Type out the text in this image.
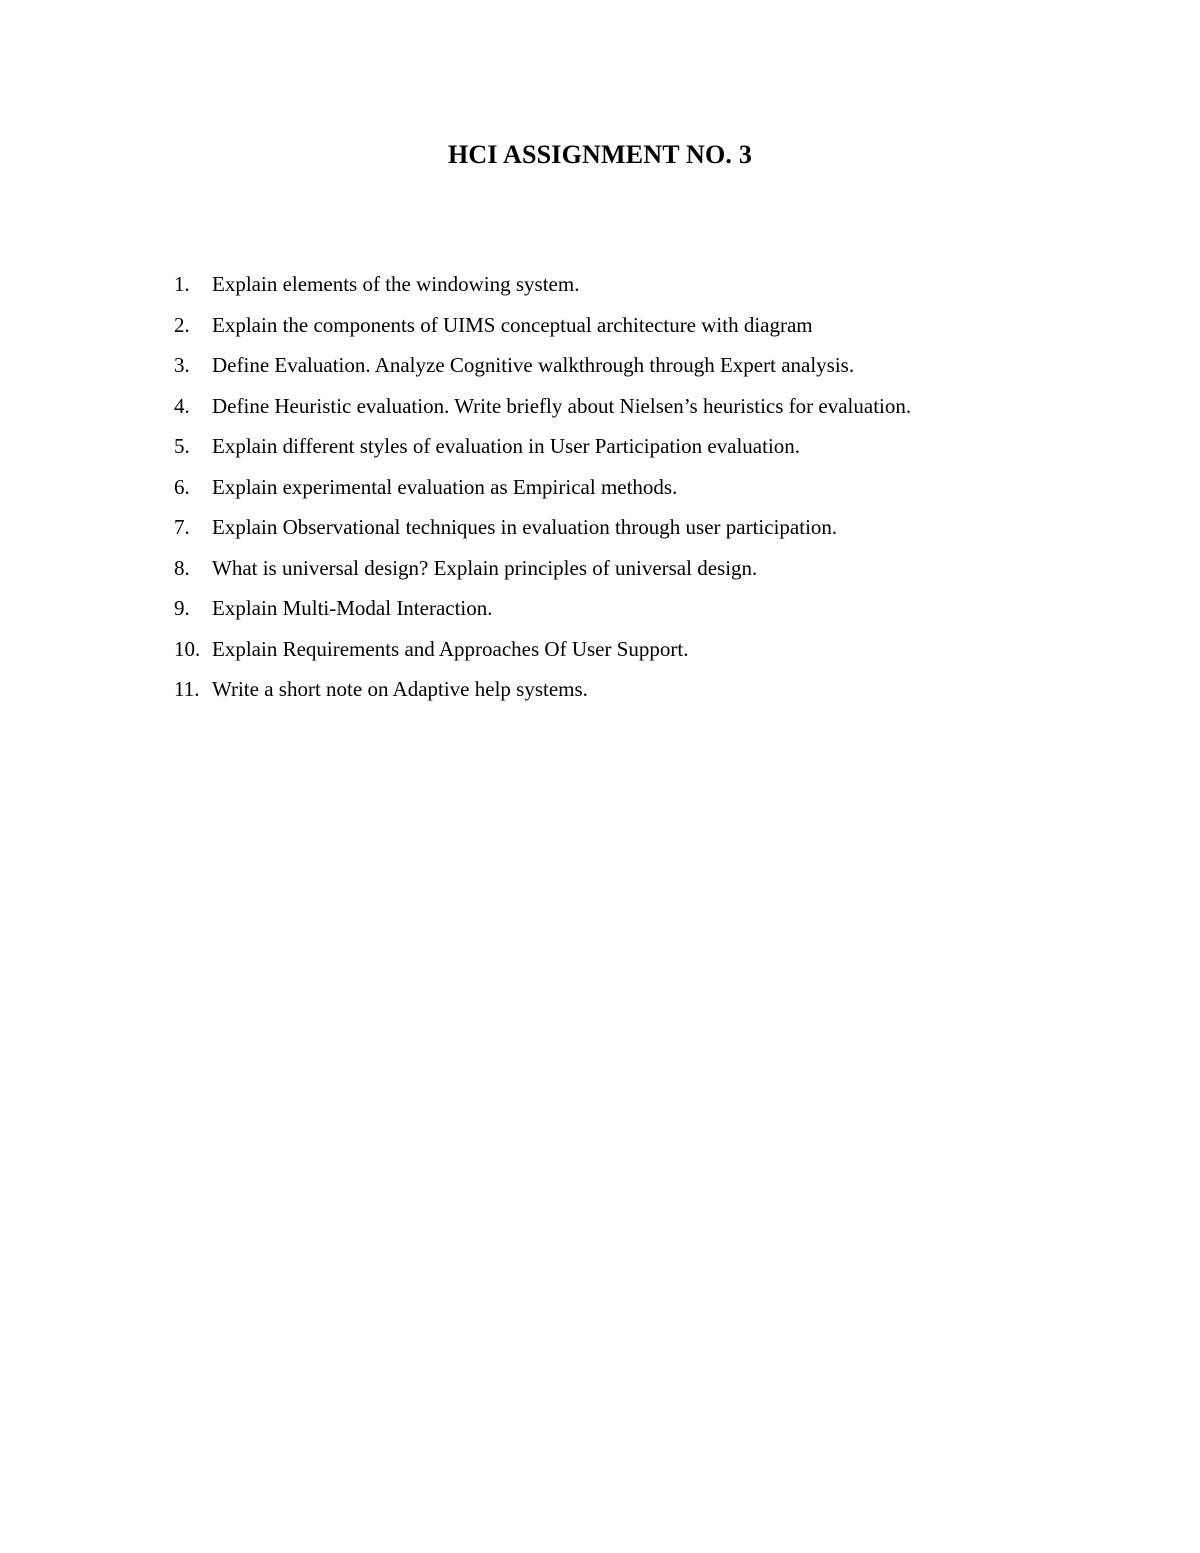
HCI ASSIGNMENT NO. 3
1.	Explain elements of the windowing system.
2.	Explain the components of UIMS conceptual architecture with diagram
3.	Define Evaluation. Analyze Cognitive walkthrough through Expert analysis.
4.	Define Heuristic evaluation. Write briefly about Nielsen’s heuristics for evaluation.
5.	Explain different styles of evaluation in User Participation evaluation.
6.	Explain experimental evaluation as Empirical methods.
7.	Explain Observational techniques in evaluation through user participation.
8.	What is universal design? Explain principles of universal design.
9.	Explain Multi-Modal Interaction.
10. Explain Requirements and Approaches Of User Support.
11. Write a short note on Adaptive help systems.
